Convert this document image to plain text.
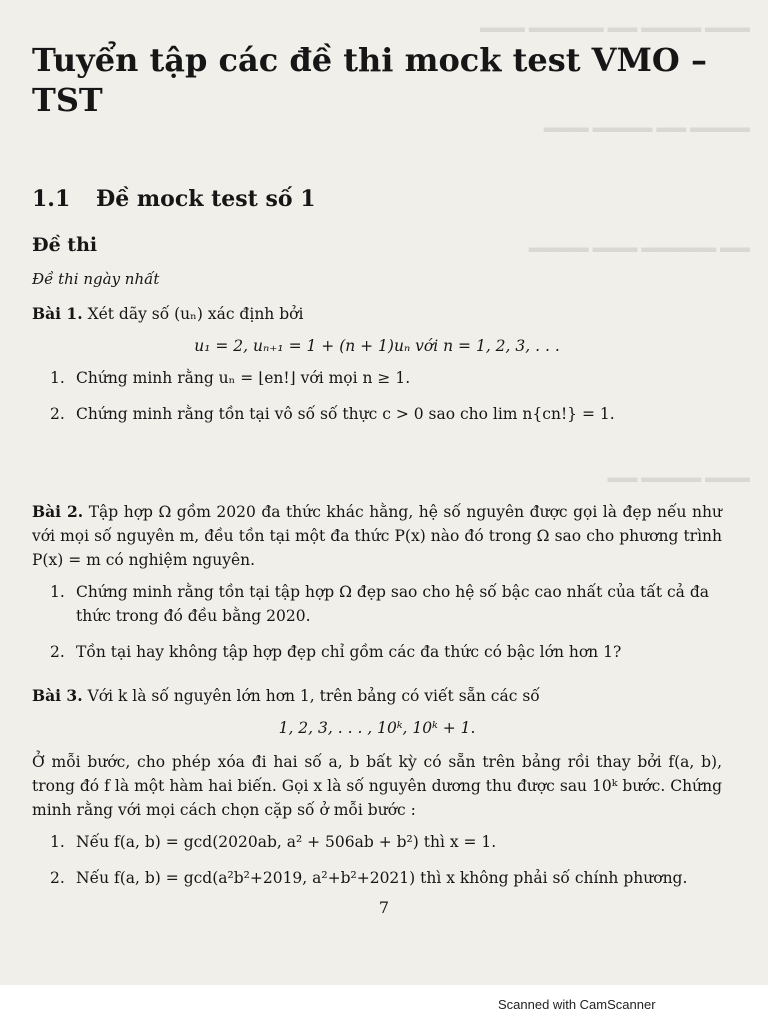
▬▬▬ ▬▬▬▬ ▬▬ ▬▬▬▬▬ ▬▬▬
▬▬▬▬ ▬▬ ▬▬▬▬ ▬▬▬
▬▬ ▬▬▬▬▬ ▬▬▬ ▬▬▬▬
▬▬▬ ▬▬▬▬ ▬▬
Tuyển tập các đề thi mock test VMO – TST
1.1 Đề mock test số 1
Đề thi

Đề thi ngày nhất

Bài 1. Xét dãy số (uₙ) xác định bởi
u₁ = 2, uₙ₊₁ = 1 + (n + 1)uₙ với n = 1, 2, 3, . . .
1. Chứng minh rằng uₙ = ⌊en!⌋ với mọi n ≥ 1.
2. Chứng minh rằng tồn tại vô số số thực c > 0 sao cho lim n{cn!} = 1.
Bài 2. Tập hợp Ω gồm 2020 đa thức khác hằng, hệ số nguyên được gọi là đẹp nếu như với mọi số nguyên m, đều tồn tại một đa thức P(x) nào đó trong Ω sao cho phương trình P(x) = m có nghiệm nguyên.
1. Chứng minh rằng tồn tại tập hợp Ω đẹp sao cho hệ số bậc cao nhất của tất cả đa thức trong đó đều bằng 2020.
2. Tồn tại hay không tập hợp đẹp chỉ gồm các đa thức có bậc lớn hơn 1?
Bài 3. Với k là số nguyên lớn hơn 1, trên bảng có viết sẵn các số
1, 2, 3, . . . , 10ᵏ, 10ᵏ + 1.
Ở mỗi bước, cho phép xóa đi hai số a, b bất kỳ có sẵn trên bảng rồi thay bởi f(a, b), trong đó f là một hàm hai biến. Gọi x là số nguyên dương thu được sau 10ᵏ bước. Chứng minh rằng với mọi cách chọn cặp số ở mỗi bước :
1. Nếu f(a, b) = gcd(2020ab, a² + 506ab + b²) thì x = 1.
2. Nếu f(a, b) = gcd(a²b²+2019, a²+b²+2021) thì x không phải số chính phương.
7
Scanned with CamScanner
